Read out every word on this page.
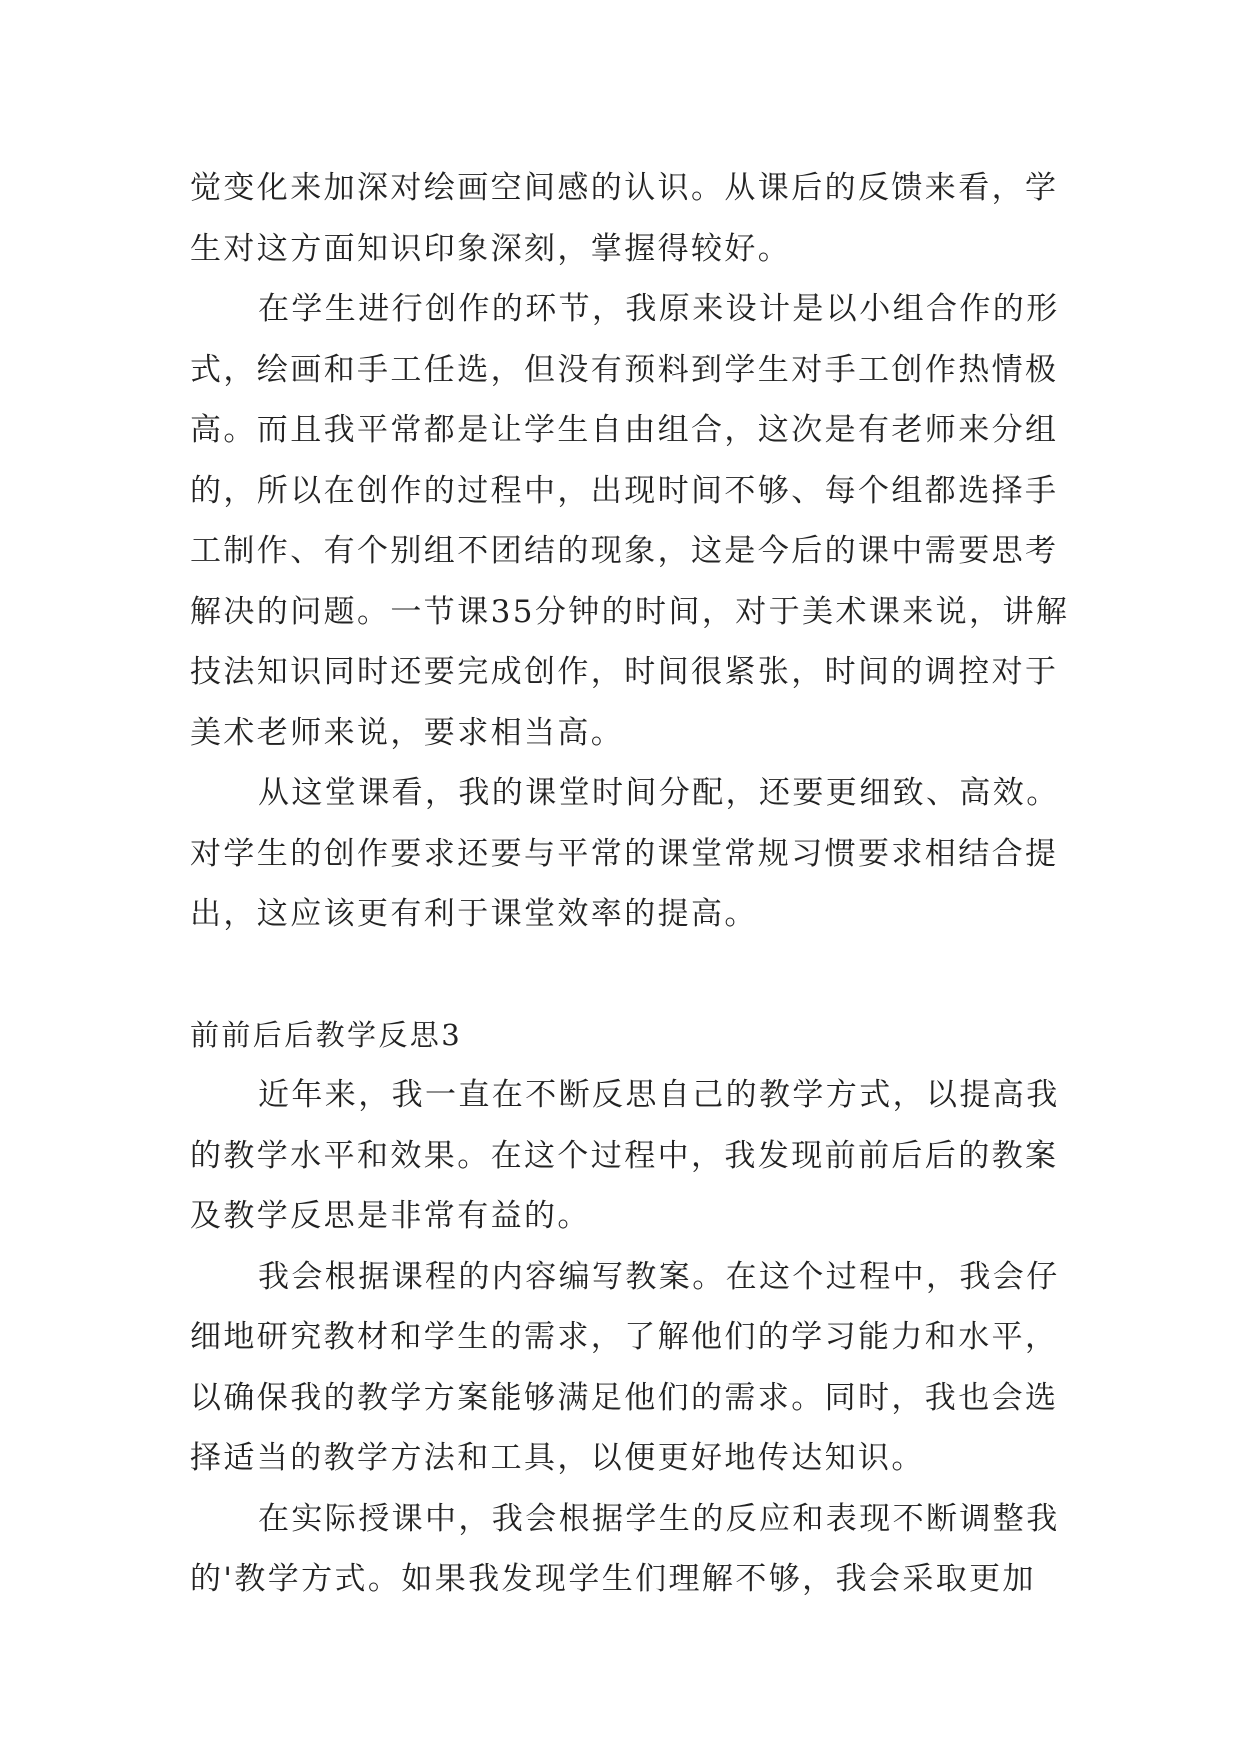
觉变化来加深对绘画空间感的认识。从课后的反馈来看，学生对这方面知识印象深刻，掌握得较好。

在学生进行创作的环节，我原来设计是以小组合作的形式，绘画和手工任选，但没有预料到学生对手工创作热情极高。而且我平常都是让学生自由组合，这次是有老师来分组的，所以在创作的过程中，出现时间不够、每个组都选择手工制作、有个别组不团结的现象，这是今后的课中需要思考解决的问题。一节课35分钟的时间，对于美术课来说，讲解技法知识同时还要完成创作，时间很紧张，时间的调控对于美术老师来说，要求相当高。

从这堂课看，我的课堂时间分配，还要更细致、高效。对学生的创作要求还要与平常的课堂常规习惯要求相结合提出，这应该更有利于课堂效率的提高。

前前后后教学反思3

近年来，我一直在不断反思自己的教学方式，以提高我的教学水平和效果。在这个过程中，我发现前前后后的教案及教学反思是非常有益的。

我会根据课程的内容编写教案。在这个过程中，我会仔细地研究教材和学生的需求，了解他们的学习能力和水平，以确保我的教学方案能够满足他们的需求。同时，我也会选择适当的教学方法和工具，以便更好地传达知识。

在实际授课中，我会根据学生的反应和表现不断调整我的'教学方式。如果我发现学生们理解不够，我会采取更加
